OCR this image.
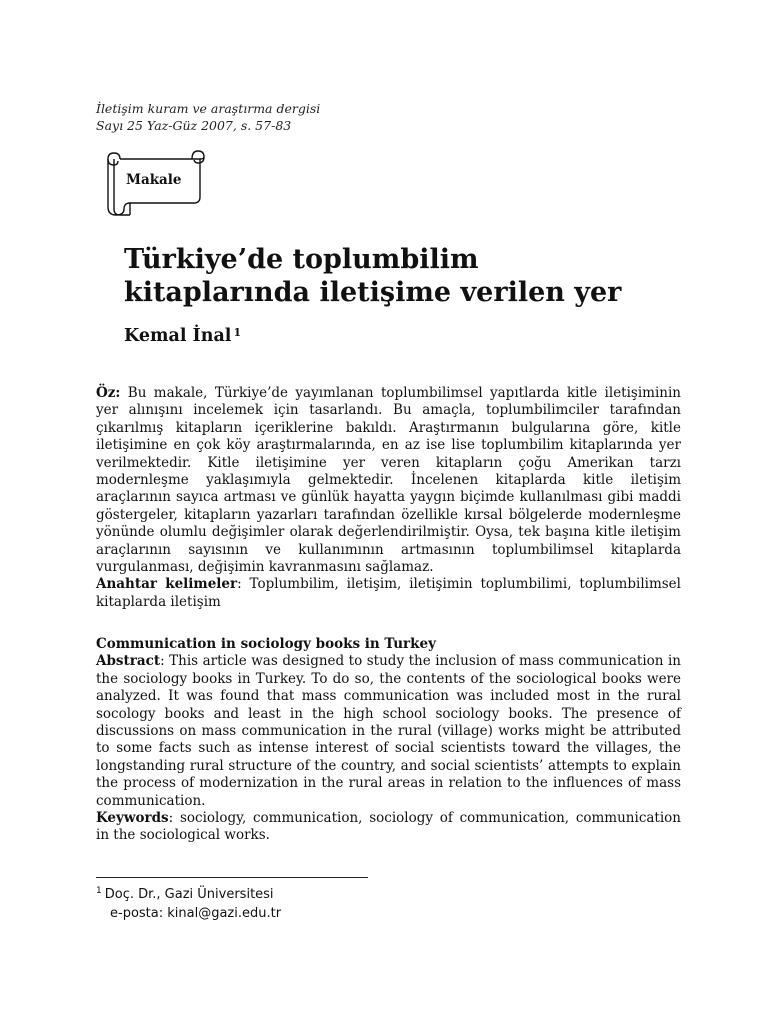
İletişim kuram ve araştırma dergisi
Sayı 25 Yaz-Güz 2007, s. 57-83
Makale
Türkiye’de toplumbilim
kitaplarında iletişime verilen yer
Kemal İnal $^1$

Öz: Bu makale, Türkiye’de yayımlanan toplumbilimsel yapıtlarda kitle iletişiminin yer alınışını incelemek için tasarlandı. Bu amaçla, toplumbilimciler tarafından çıkarılmış kitapların içeriklerine bakıldı. Araştırmanın bulgularına göre, kitle iletişimine en çok köy araştırmalarında, en az ise lise toplumbilim kitaplarında yer verilmektedir. Kitle iletişimine yer veren kitapların çoğu Amerikan tarzı modernleşme yaklaşımıyla gelmektedir. İncelenen kitaplarda kitle iletişim araçlarının sayıca artması ve günlük hayatta yaygın biçimde kullanılması gibi maddi göstergeler, kitapların yazarları tarafından özellikle kırsal bölgelerde modernleşme yönünde olumlu değişimler olarak değerlendirilmiştir. Oysa, tek başına kitle iletişim araçlarının sayısının ve kullanımının artmasının toplumbilimsel kitaplarda vurgulanması, değişimin kavranmasını sağlamaz.

Anahtar kelimeler: Toplumbilim, iletişim, iletişimin toplumbilimi, toplumbilimsel kitaplarda iletişim

Communication in sociology books in Turkey

Abstract: This article was designed to study the inclusion of mass communication in the sociology books in Turkey. To do so, the contents of the sociological books were analyzed. It was found that mass communication was included most in the rural socology books and least in the high school sociology books. The presence of discussions on mass communication in the rural (village) works might be attributed to some facts such as intense interest of social scientists toward the villages, the longstanding rural structure of the country, and social scientists’ attempts to explain the process of modernization in the rural areas in relation to the influences of mass communication.

Keywords: sociology, communication, sociology of communication, communication in the sociological works.

$^1$ Doç. Dr., Gazi Üniversitesi
e-posta: kinal@gazi.edu.tr
